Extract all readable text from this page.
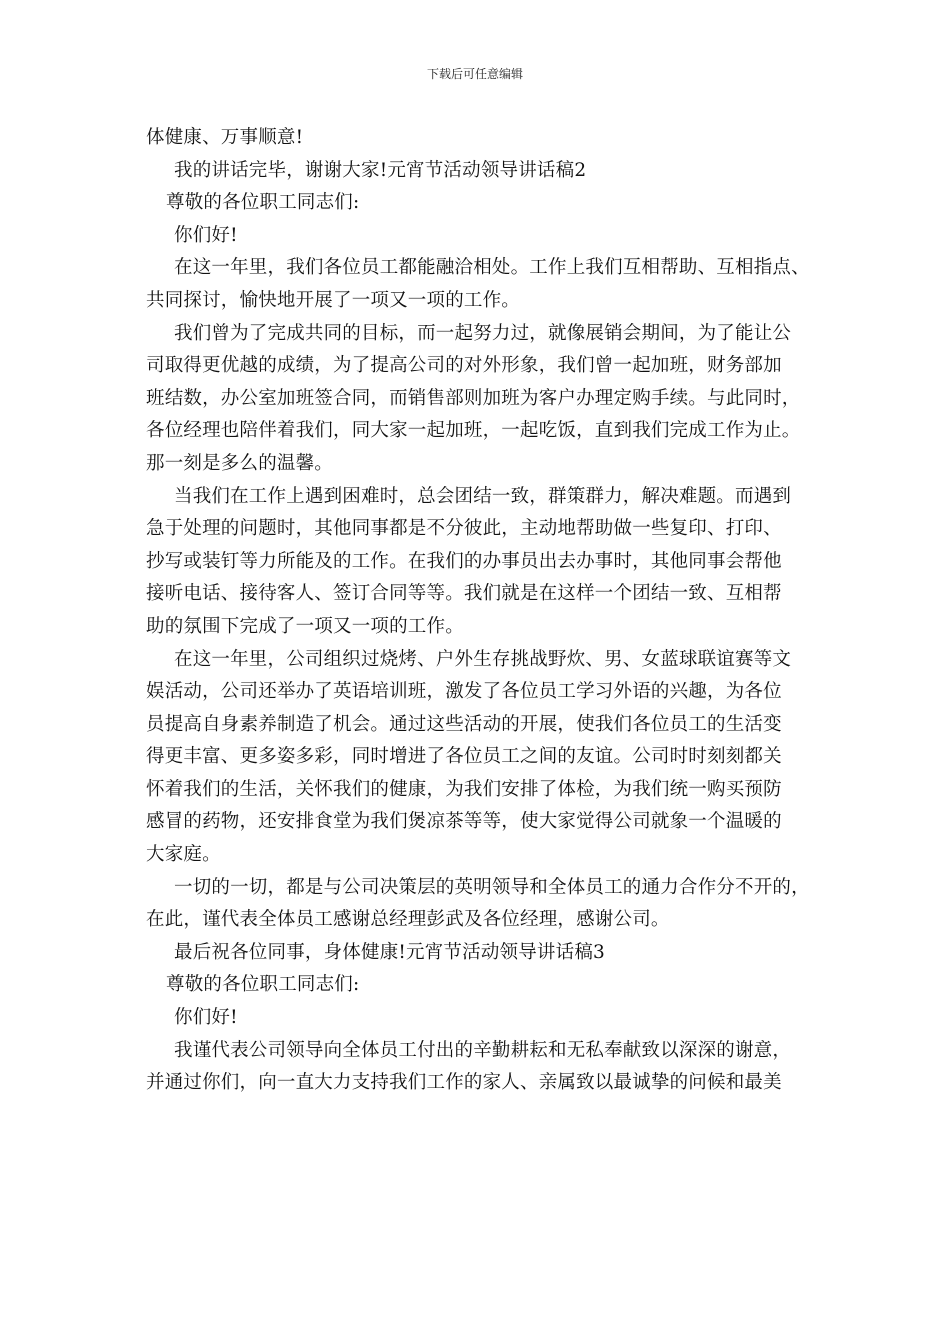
下载后可任意编辑
体健康、万事顺意!
我的讲话完毕，谢谢大家!元宵节活动领导讲话稿2
尊敬的各位职工同志们:
你们好!
在这一年里，我们各位员工都能融洽相处。工作上我们互相帮助、互相指点、
共同探讨，愉快地开展了一项又一项的工作。
我们曾为了完成共同的目标，而一起努力过，就像展销会期间，为了能让公
司取得更优越的成绩，为了提高公司的对外形象，我们曾一起加班，财务部加
班结数，办公室加班签合同，而销售部则加班为客户办理定购手续。与此同时，
各位经理也陪伴着我们，同大家一起加班，一起吃饭，直到我们完成工作为止。
那一刻是多么的温馨。
当我们在工作上遇到困难时，总会团结一致，群策群力，解决难题。而遇到
急于处理的问题时，其他同事都是不分彼此，主动地帮助做一些复印、打印、
抄写或装钉等力所能及的工作。在我们的办事员出去办事时，其他同事会帮他
接听电话、接待客人、签订合同等等。我们就是在这样一个团结一致、互相帮
助的氛围下完成了一项又一项的工作。
在这一年里，公司组织过烧烤、户外生存挑战野炊、男、女蓝球联谊赛等文
娱活动，公司还举办了英语培训班，激发了各位员工学习外语的兴趣，为各位
员提高自身素养制造了机会。通过这些活动的开展，使我们各位员工的生活变
得更丰富、更多姿多彩，同时增进了各位员工之间的友谊。公司时时刻刻都关
怀着我们的生活，关怀我们的健康，为我们安排了体检，为我们统一购买预防
感冒的药物，还安排食堂为我们煲凉茶等等，使大家觉得公司就象一个温暖的
大家庭。
一切的一切，都是与公司决策层的英明领导和全体员工的通力合作分不开的，
在此，谨代表全体员工感谢总经理彭武及各位经理，感谢公司。
最后祝各位同事，身体健康!元宵节活动领导讲话稿3
尊敬的各位职工同志们:
你们好!
我谨代表公司领导向全体员工付出的辛勤耕耘和无私奉献致以深深的谢意，
并通过你们，向一直大力支持我们工作的家人、亲属致以最诚挚的问候和最美
